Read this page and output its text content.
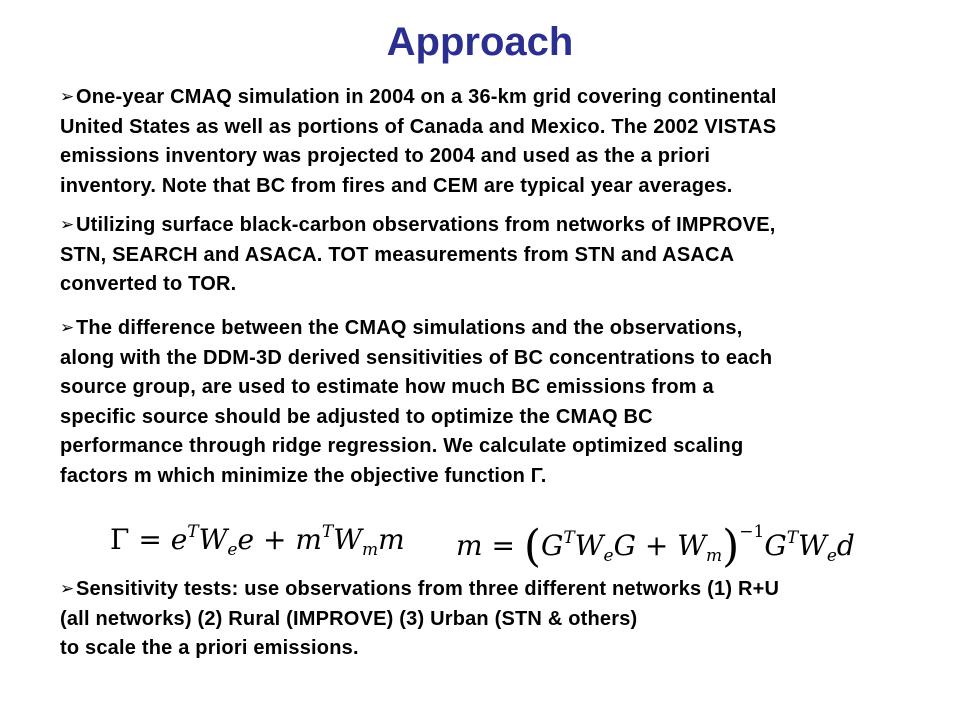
Approach
➢One-year CMAQ simulation in 2004 on a 36-km grid covering continental
United States as well as portions of Canada and Mexico. The 2002 VISTAS
emissions inventory was projected to 2004 and used as the a priori
inventory. Note that BC from fires and CEM are typical year averages.
➢Utilizing surface black-carbon observations from networks of IMPROVE,
STN, SEARCH and ASACA. TOT measurements from STN and ASACA
converted to TOR.
➢The difference between the CMAQ simulations and the observations,
along with the DDM-3D derived sensitivities of BC concentrations to each
source group, are used to estimate how much BC emissions from a
specific source should be adjusted to optimize the CMAQ BC
performance through ridge regression. We calculate optimized scaling
factors m which minimize the objective function Γ.
$\Gamma = e^TW_ee + m^TW_mm$ $m = (G^TW_eG + W_m)^{-1}G^TW_ed$
➢Sensitivity tests: use observations from three different networks (1) R+U
(all networks) (2) Rural (IMPROVE) (3) Urban (STN & others)
to scale the a priori emissions.
